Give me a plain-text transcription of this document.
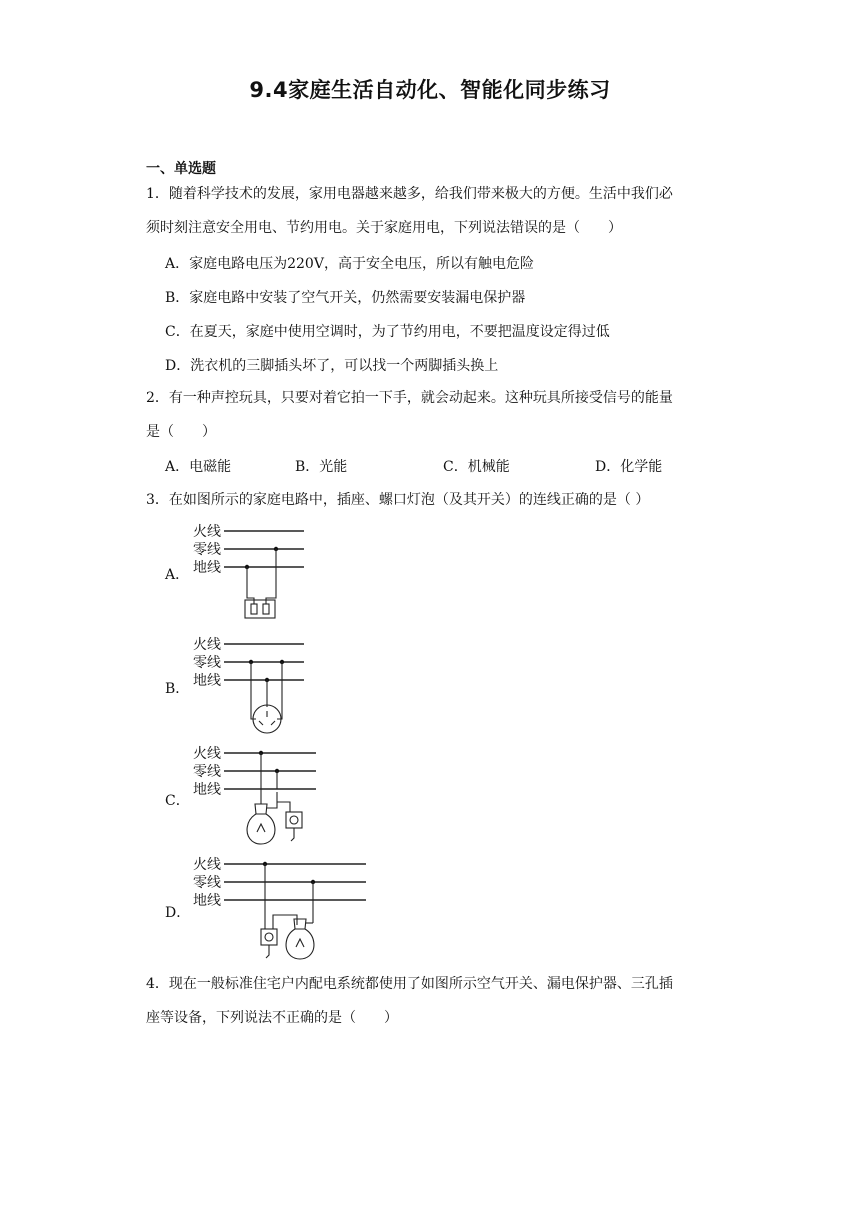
9.4家庭生活自动化、智能化同步练习
一、单选题
1．随着科学技术的发展，家用电器越来越多，给我们带来极大的方便。生活中我们必
须时刻注意安全用电、节约用电。关于家庭用电，下列说法错误的是（　　）
A．家庭电路电压为220V，高于安全电压，所以有触电危险
B．家庭电路中安装了空气开关，仍然需要安装漏电保护器
C．在夏天，家庭中使用空调时，为了节约用电，不要把温度设定得过低
D．洗衣机的三脚插头坏了，可以找一个两脚插头换上
2．有一种声控玩具，只要对着它拍一下手，就会动起来。这种玩具所接受信号的能量
是（　　）
A．电磁能	B．光能	C．机械能	D．化学能
3．在如图所示的家庭电路中，插座、螺口灯泡（及其开关）的连线正确的是（ ）
A．
火线
零线
地线
B．
火线
零线
地线
C．
火线
零线
地线
D．
火线
零线
地线
4．现在一般标准住宅户内配电系统都使用了如图所示空气开关、漏电保护器、三孔插
座等设备，下列说法不正确的是（　　）
